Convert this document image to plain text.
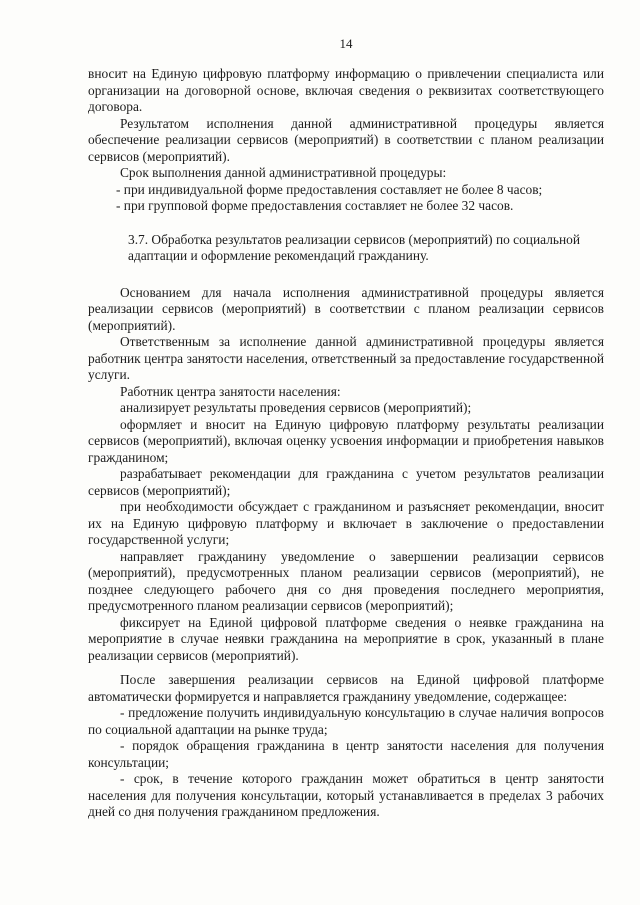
14

вносит на Единую цифровую платформу информацию о привлечении специалиста или организации на договорной основе, включая сведения о реквизитах соответствующего договора.

Результатом исполнения данной административной процедуры является обеспечение реализации сервисов (мероприятий) в соответствии с планом реализации сервисов (мероприятий).

Срок выполнения данной административной процедуры:

- при индивидуальной форме предоставления составляет не более 8 часов;

- при групповой форме предоставления составляет не более 32 часов.

3.7. Обработка результатов реализации сервисов (мероприятий) по социальной адаптации и оформление рекомендаций гражданину.

Основанием для начала исполнения административной процедуры является реализации сервисов (мероприятий) в соответствии с планом реализации сервисов (мероприятий).

Ответственным за исполнение данной административной процедуры является работник центра занятости населения, ответственный за предоставление государственной услуги.

Работник центра занятости населения:

анализирует результаты проведения сервисов (мероприятий);

оформляет и вносит на Единую цифровую платформу результаты реализации сервисов (мероприятий), включая оценку усвоения информации и приобретения навыков гражданином;

разрабатывает рекомендации для гражданина с учетом результатов реализации сервисов (мероприятий);

при необходимости обсуждает с гражданином и разъясняет рекомендации, вносит их на Единую цифровую платформу и включает в заключение о предоставлении государственной услуги;

направляет гражданину уведомление о завершении реализации сервисов (мероприятий), предусмотренных планом реализации сервисов (мероприятий), не позднее следующего рабочего дня со дня проведения последнего мероприятия, предусмотренного планом реализации сервисов (мероприятий);

фиксирует на Единой цифровой платформе сведения о неявке гражданина на мероприятие в случае неявки гражданина на мероприятие в срок, указанный в плане реализации сервисов (мероприятий).

После завершения реализации сервисов на Единой цифровой платформе автоматически формируется и направляется гражданину уведомление, содержащее:

- предложение получить индивидуальную консультацию в случае наличия вопросов по социальной адаптации на рынке труда;

- порядок обращения гражданина в центр занятости населения для получения консультации;

- срок, в течение которого гражданин может обратиться в центр занятости населения для получения консультации, который устанавливается в пределах 3 рабочих дней со дня получения гражданином предложения.
